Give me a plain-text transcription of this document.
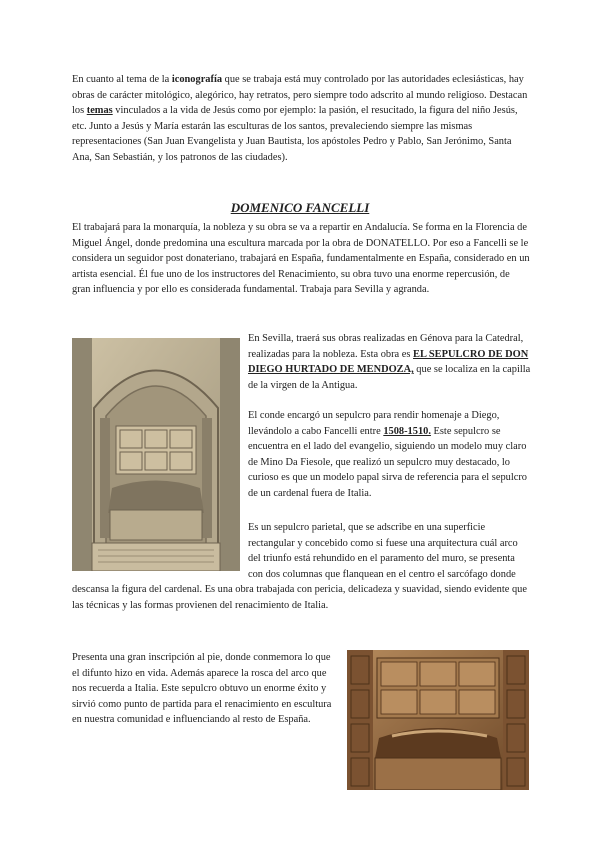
En cuanto al tema de la iconografía que se trabaja está muy controlado por las autoridades eclesiásticas, hay obras de carácter mitológico, alegórico, hay retratos, pero siempre todo adscrito al mundo religioso. Destacan los temas vinculados a la vida de Jesús como por ejemplo: la pasión, el resucitado, la figura del niño Jesús, etc. Junto a Jesús y María estarán las esculturas de los santos, prevaleciendo siempre las mismas representaciones (San Juan Evangelista y Juan Bautista, los apóstoles Pedro y Pablo, San Jerónimo, Santa Ana, San Sebastián, y los patronos de las ciudades).

DOMENICO FANCELLI

El trabajará para la monarquía, la nobleza y su obra se va a repartir en Andalucía. Se forma en la Florencia de Miguel Ángel, donde predomina una escultura marcada por la obra de DONATELLO. Por eso a Fancelli se le considera un seguidor post donateriano, trabajará en España, fundamentalmente en España, considerado en un artista esencial. Él fue uno de los instructores del Renacimiento, su obra tuvo una enorme repercusión, de gran influencia y por ello es considerada fundamental. Trabaja para Sevilla y agranda.

En Sevilla, traerá sus obras realizadas en Génova para la Catedral, realizadas para la nobleza. Esta obra es EL SEPULCRO DE DON DIEGO HURTADO DE MENDOZA, que se localiza en la capilla de la virgen de la Antigua.

El conde encargó un sepulcro para rendir homenaje a Diego, llevándolo a cabo Fancelli entre 1508-1510. Este sepulcro se encuentra en el lado del evangelio, siguiendo un modelo muy claro de Mino Da Fiesole, que realizó un sepulcro muy destacado, lo curioso es que un modelo papal sirva de referencia para el sepulcro de un cardenal fuera de Italia.

Es un sepulcro parietal, que se adscribe en una superficie rectangular y concebido como si fuese una arquitectura cuál arco del triunfo está rehundido en el paramento del muro, se presenta con dos columnas que flanquean en el centro el sarcófago donde descansa la figura del cardenal. Es una obra trabajada con pericia, delicadeza y suavidad, siendo evidente que las técnicas y las formas provienen del renacimiento de Italia.

Presenta una gran inscripción al pie, donde conmemora lo que el difunto hizo en vida. Además aparece la rosca del arco que nos recuerda a Italia. Este sepulcro obtuvo un enorme éxito y sirvió como punto de partida para el renacimiento en escultura en nuestra comunidad e influenciando al resto de España.
